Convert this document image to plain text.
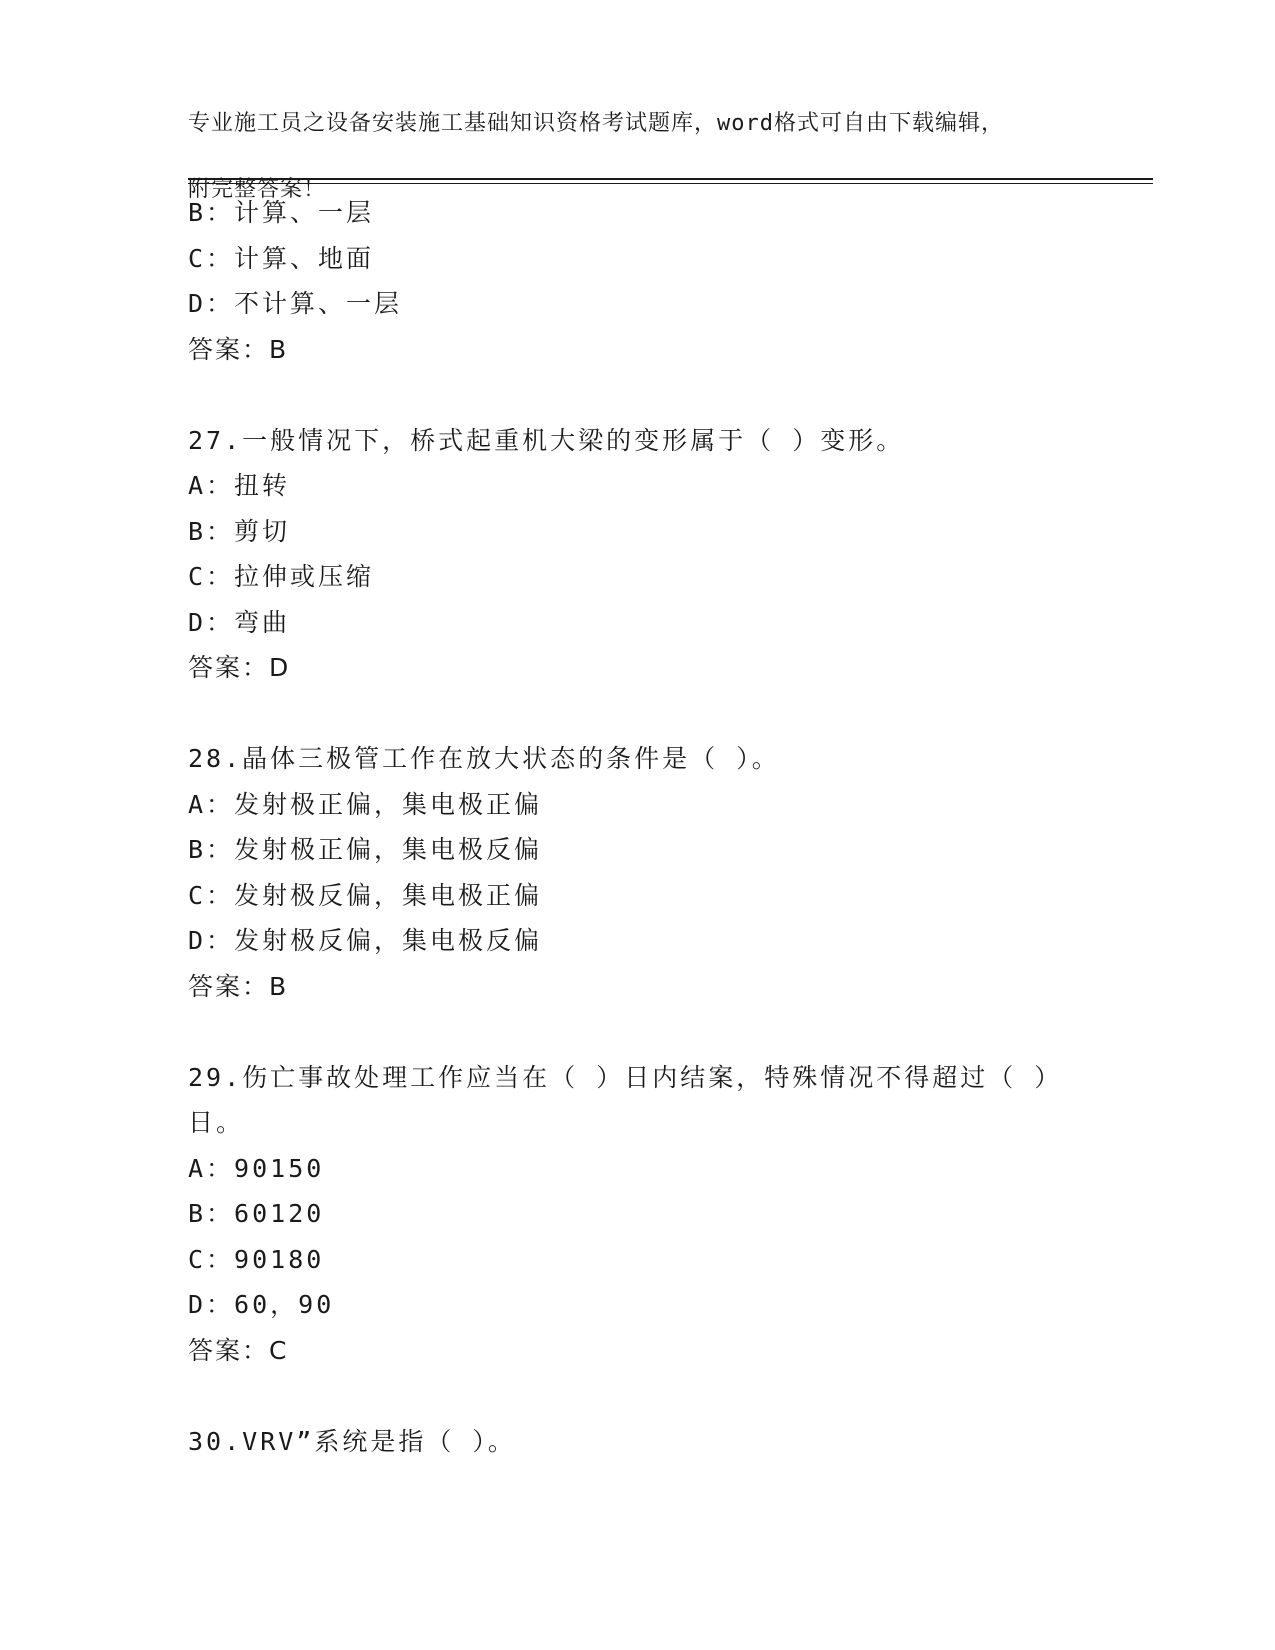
专业施工员之设备安装施工基础知识资格考试题库，word格式可自由下载编辑，

附完整答案！

B：计算、一层
C：计算、地面
D：不计算、一层
答案：B
27.一般情况下，桥式起重机大梁的变形属于（ ）变形。
A：扭转
B：剪切
C：拉伸或压缩
D：弯曲
答案：D
28.晶体三极管工作在放大状态的条件是（ ）。
A：发射极正偏，集电极正偏
B：发射极正偏，集电极反偏
C：发射极反偏，集电极正偏
D：发射极反偏，集电极反偏
答案：B
29.伤亡事故处理工作应当在（ ）日内结案，特殊情况不得超过（ ）
日。
A：90150
B：60120
C：90180
D：60，90
答案：C
30.VRV”系统是指（ ）。
